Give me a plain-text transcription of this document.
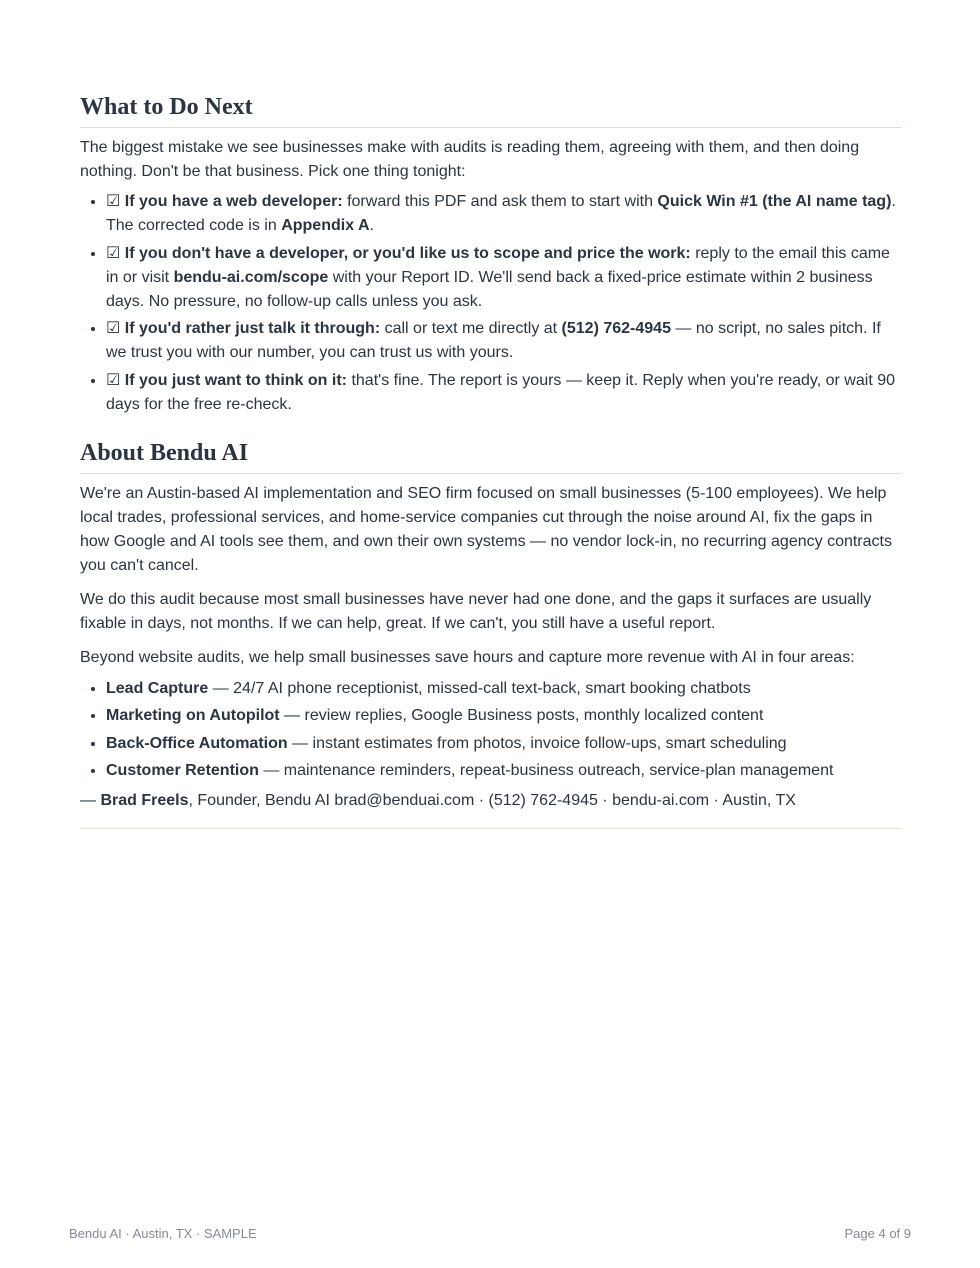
What to Do Next

The biggest mistake we see businesses make with audits is reading them, agreeing with them, and then doing nothing. Don't be that business. Pick one thing tonight:

• ☑ If you have a web developer: forward this PDF and ask them to start with Quick Win #1 (the AI name tag). The corrected code is in Appendix A.
• ☑ If you don't have a developer, or you'd like us to scope and price the work: reply to the email this came in or visit bendu-ai.com/scope with your Report ID. We'll send back a fixed-price estimate within 2 business days. No pressure, no follow-up calls unless you ask.
• ☑ If you'd rather just talk it through: call or text me directly at (512) 762-4945 — no script, no sales pitch. If we trust you with our number, you can trust us with yours.
• ☑ If you just want to think on it: that's fine. The report is yours — keep it. Reply when you're ready, or wait 90 days for the free re-check.
About Bendu AI

We're an Austin-based AI implementation and SEO firm focused on small businesses (5-100 employees). We help local trades, professional services, and home-service companies cut through the noise around AI, fix the gaps in how Google and AI tools see them, and own their own systems — no vendor lock-in, no recurring agency contracts you can't cancel.

We do this audit because most small businesses have never had one done, and the gaps it surfaces are usually fixable in days, not months. If we can help, great. If we can't, you still have a useful report.

Beyond website audits, we help small businesses save hours and capture more revenue with AI in four areas:

• Lead Capture — 24/7 AI phone receptionist, missed-call text-back, smart booking chatbots
• Marketing on Autopilot — review replies, Google Business posts, monthly localized content
• Back-Office Automation — instant estimates from photos, invoice follow-ups, smart scheduling
• Customer Retention — maintenance reminders, repeat-business outreach, service-plan management

— Brad Freels, Founder, Bendu AI brad@benduai.com · (512) 762-4945 · bendu-ai.com · Austin, TX

Bendu AI · Austin, TX · SAMPLE	Page 4 of 9
